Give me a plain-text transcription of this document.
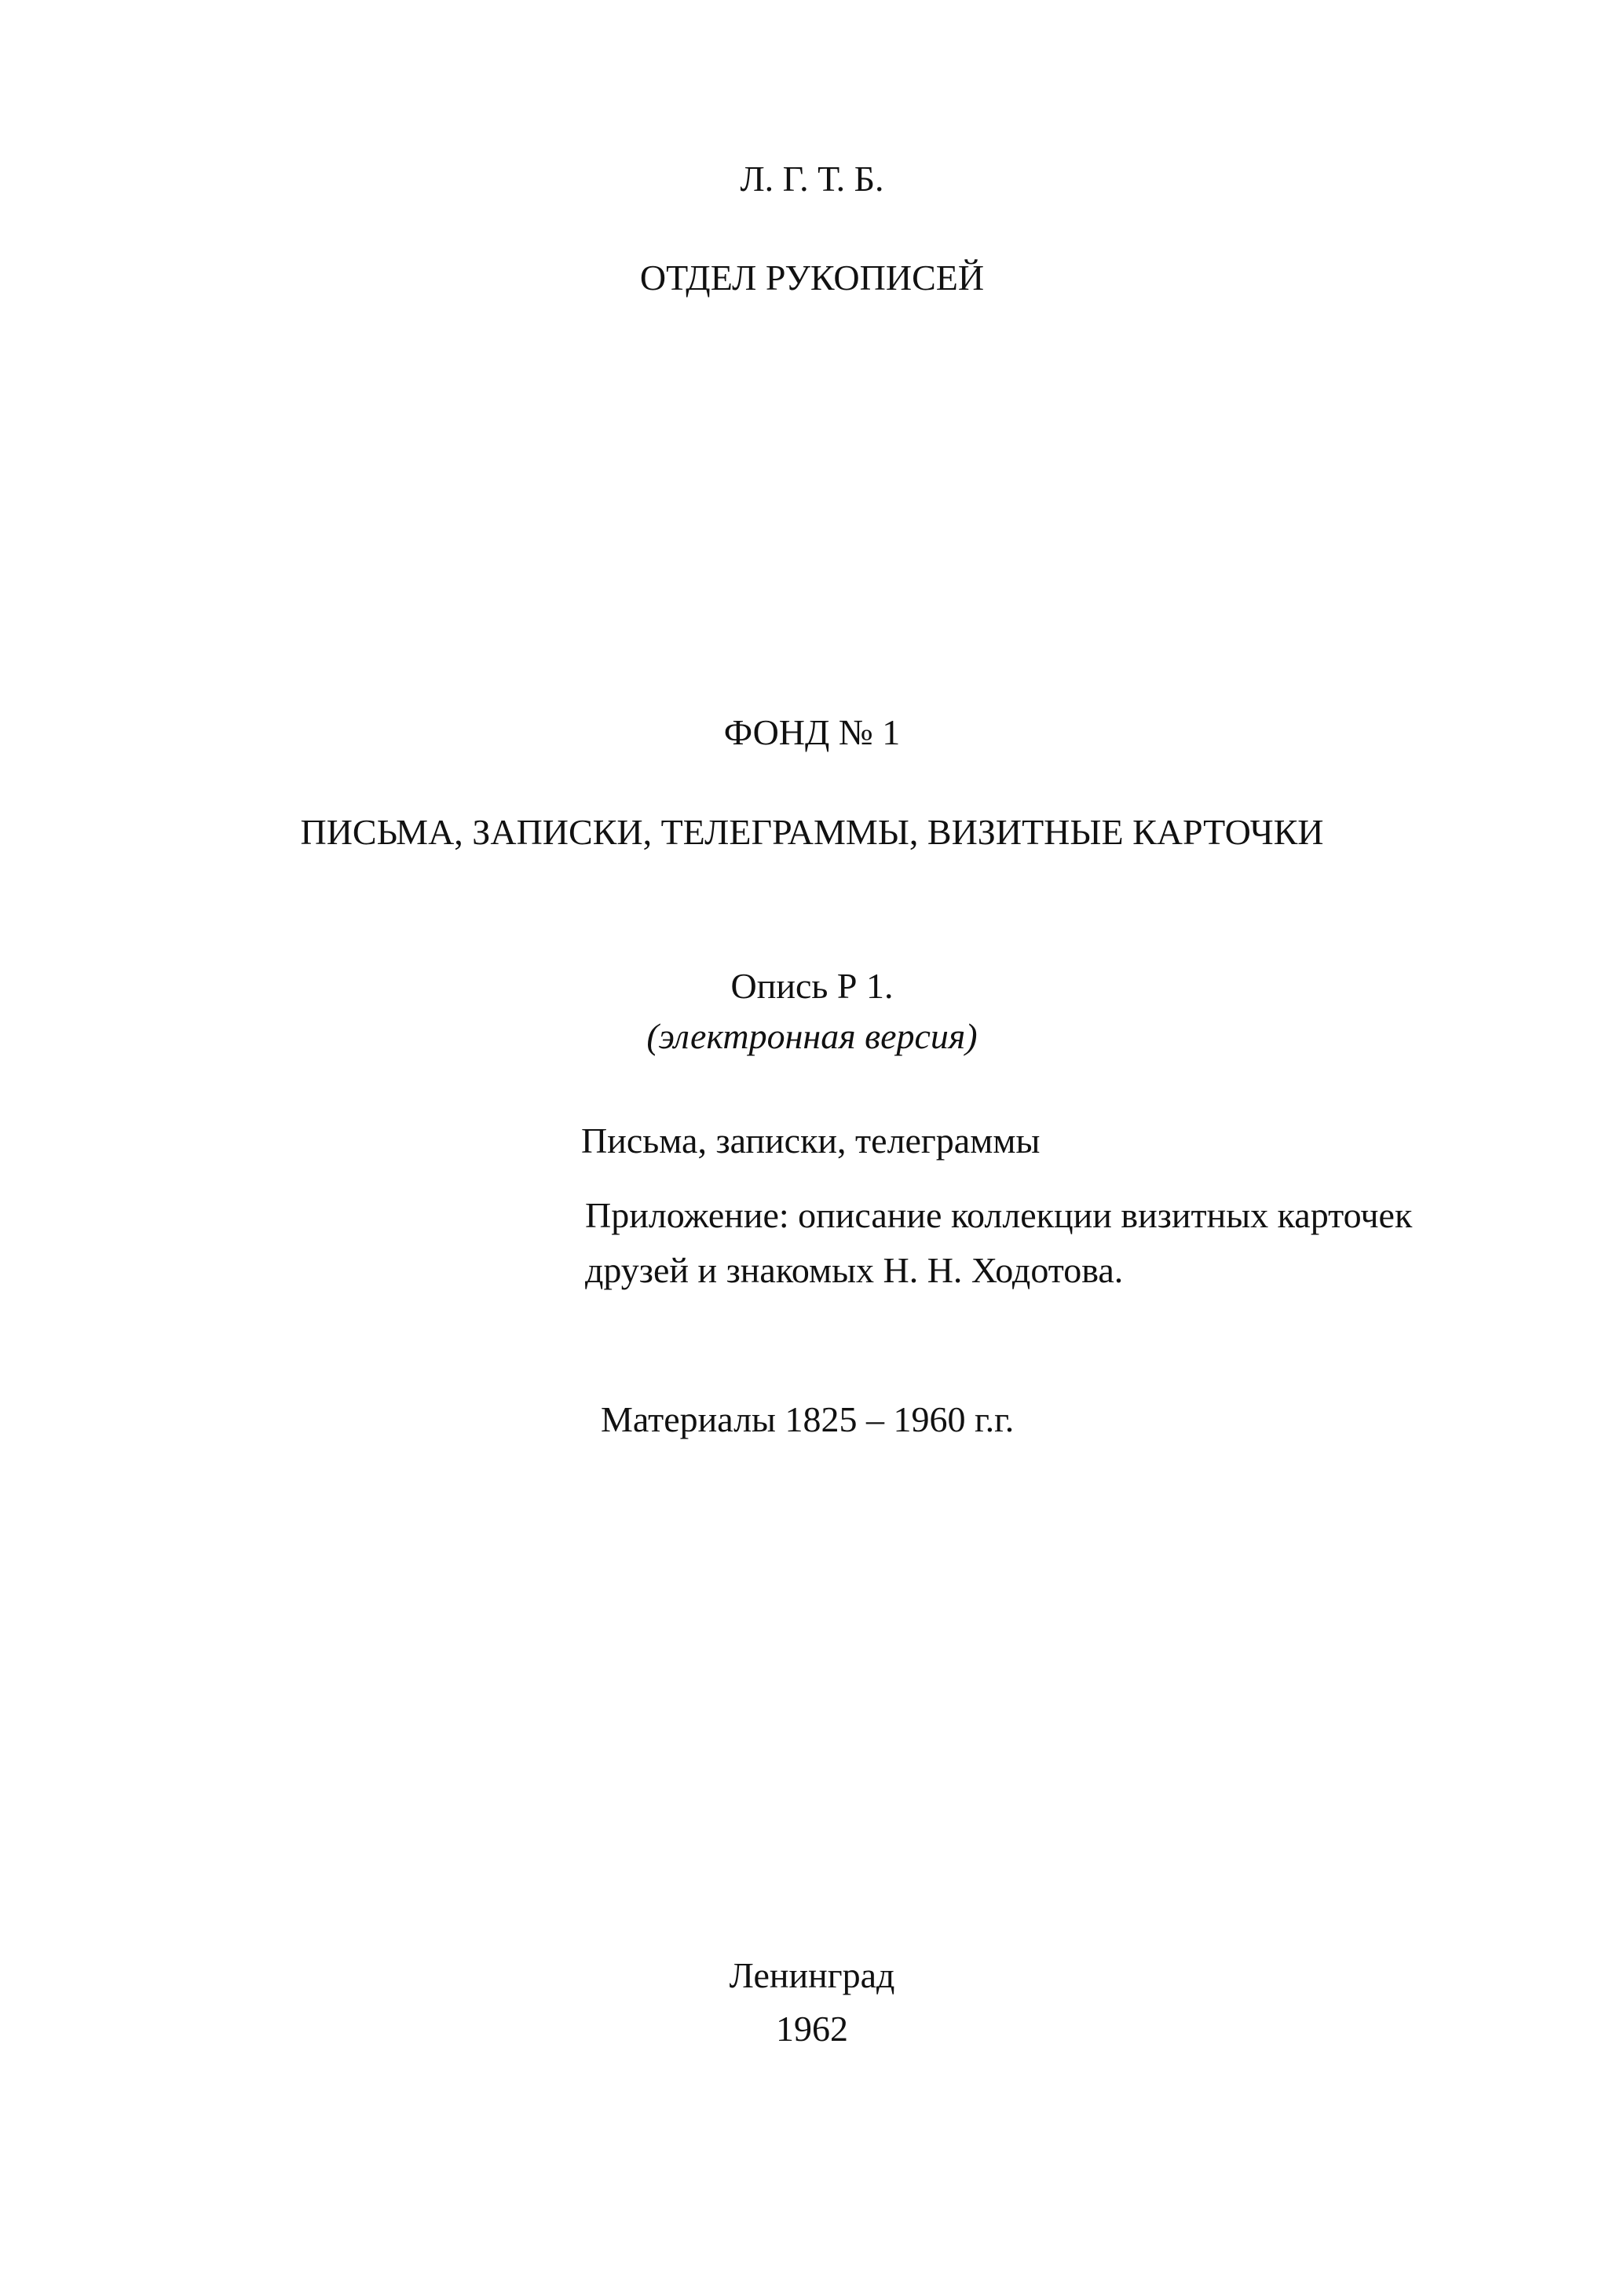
Л. Г. Т. Б.

ОТДЕЛ РУКОПИСЕЙ

ФОНД № 1

ПИСЬМА, ЗАПИСКИ, ТЕЛЕГРАММЫ, ВИЗИТНЫЕ КАРТОЧКИ

Опись Р 1.

(электронная версия)

Письма, записки, телеграммы

Приложение: описание коллекции визитных карточек

друзей и знакомых Н. Н. Ходотова.

Материалы 1825 – 1960 г.г.

Ленинград

1962
